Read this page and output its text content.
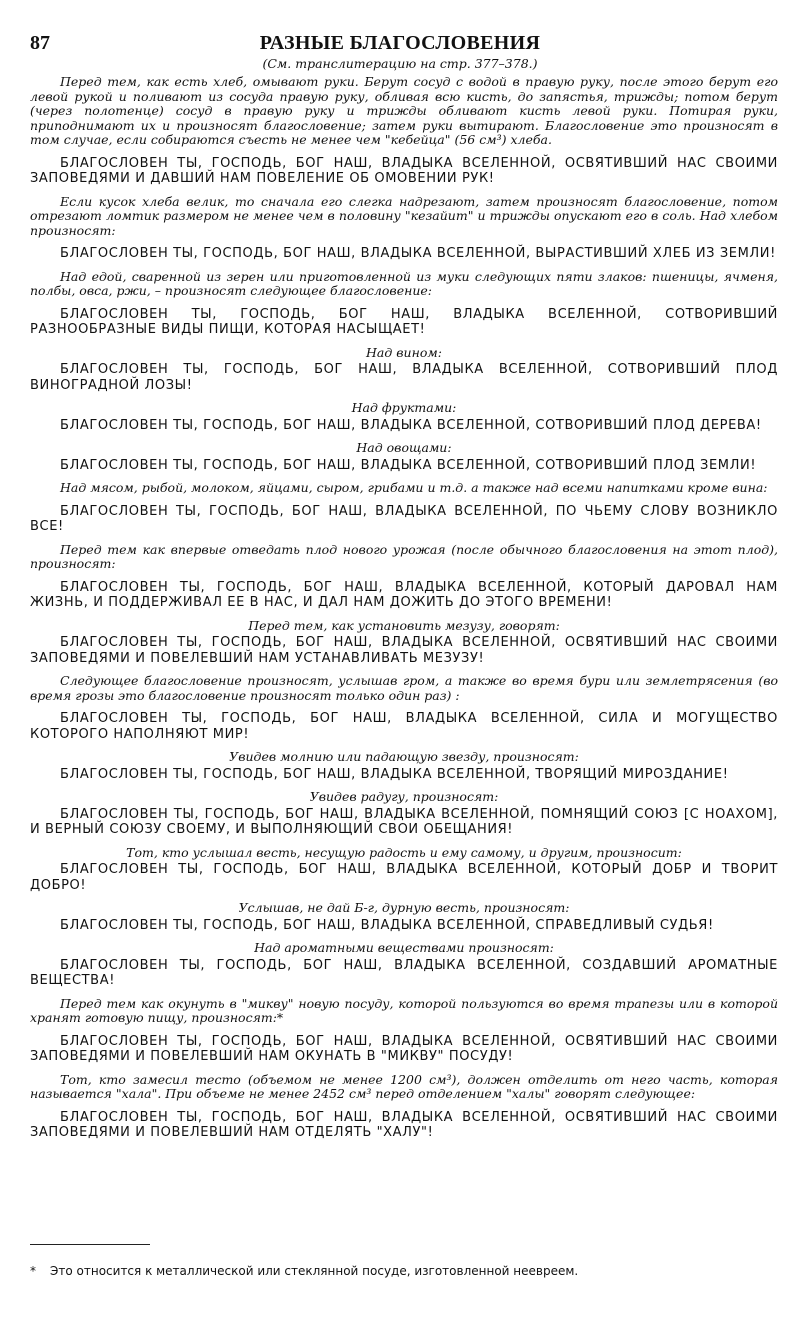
87	РАЗНЫЕ БЛАГОСЛОВЕНИЯ
(См. транслитерацию на стр. 377–378.)

Перед тем, как есть хлеб, омывают руки. Берут сосуд с водой в правую руку, после этого берут его левой рукой и поливают из сосуда правую руку, обливая всю кисть, до запястья, трижды; потом берут (через полотенце) сосуд в правую руку и трижды обливают кисть левой руки. Потирая руки, приподнимают их и произносят благословение; затем руки вытирают. Благословение это произносят в том случае, если собираются съесть не менее чем "кебейца" (56 см³) хлеба.

БЛАГОСЛОВЕН ТЫ, ГОСПОДЬ, БОГ НАШ, ВЛАДЫКА ВСЕЛЕННОЙ, ОСВЯТИВШИЙ НАС СВОИМИ ЗАПОВЕДЯМИ И ДАВШИЙ НАМ ПОВЕЛЕНИЕ ОБ ОМОВЕНИИ РУК!

Если кусок хлеба велик, то сначала его слегка надрезают, затем произносят благословение, потом отрезают ломтик размером не менее чем в половину "кезайит" и трижды опускают его в соль. Над хлебом произносят:

БЛАГОСЛОВЕН ТЫ, ГОСПОДЬ, БОГ НАШ, ВЛАДЫКА ВСЕЛЕННОЙ, ВЫРАСТИВШИЙ ХЛЕБ ИЗ ЗЕМЛИ!

Над едой, сваренной из зерен или приготовленной из муки следующих пяти злаков: пшеницы, ячменя, полбы, овса, ржи, – произносят следующее благословение:

БЛАГОСЛОВЕН ТЫ, ГОСПОДЬ, БОГ НАШ, ВЛАДЫКА ВСЕЛЕННОЙ, СОТВОРИВШИЙ РАЗНООБРАЗНЫЕ ВИДЫ ПИЩИ, КОТОРАЯ НАСЫЩАЕТ!

Над вином:

БЛАГОСЛОВЕН ТЫ, ГОСПОДЬ, БОГ НАШ, ВЛАДЫКА ВСЕЛЕННОЙ, СОТВОРИВШИЙ ПЛОД ВИНОГРАДНОЙ ЛОЗЫ!

Над фруктами:

БЛАГОСЛОВЕН ТЫ, ГОСПОДЬ, БОГ НАШ, ВЛАДЫКА ВСЕЛЕННОЙ, СОТВОРИВШИЙ ПЛОД ДЕРЕВА!

Над овощами:

БЛАГОСЛОВЕН ТЫ, ГОСПОДЬ, БОГ НАШ, ВЛАДЫКА ВСЕЛЕННОЙ, СОТВОРИВШИЙ ПЛОД ЗЕМЛИ!

Над мясом, рыбой, молоком, яйцами, сыром, грибами и т.д. а также над всеми напитками кроме вина:

БЛАГОСЛОВЕН ТЫ, ГОСПОДЬ, БОГ НАШ, ВЛАДЫКА ВСЕЛЕННОЙ, ПО ЧЬЕМУ СЛОВУ ВОЗНИКЛО ВСЕ!

Перед тем как впервые отведать плод нового урожая (после обычного благословения на этот плод), произносят:

БЛАГОСЛОВЕН ТЫ, ГОСПОДЬ, БОГ НАШ, ВЛАДЫКА ВСЕЛЕННОЙ, КОТОРЫЙ ДАРОВАЛ НАМ ЖИЗНЬ, И ПОДДЕРЖИВАЛ ЕЕ В НАС, И ДАЛ НАМ ДОЖИТЬ ДО ЭТОГО ВРЕМЕНИ!

Перед тем, как установить мезузу, говорят:

БЛАГОСЛОВЕН ТЫ, ГОСПОДЬ, БОГ НАШ, ВЛАДЫКА ВСЕЛЕННОЙ, ОСВЯТИВШИЙ НАС СВОИМИ ЗАПОВЕДЯМИ И ПОВЕЛЕВШИЙ НАМ УСТАНАВЛИВАТЬ МЕЗУЗУ!

Следующее благословение произносят, услышав гром, а также во время бури или землетрясения (во время грозы это благословение произносят только один раз) :

БЛАГОСЛОВЕН ТЫ, ГОСПОДЬ, БОГ НАШ, ВЛАДЫКА ВСЕЛЕННОЙ, СИЛА И МОГУЩЕСТВО КОТОРОГО НАПОЛНЯЮТ МИР!

Увидев молнию или падающую звезду, произносят:

БЛАГОСЛОВЕН ТЫ, ГОСПОДЬ, БОГ НАШ, ВЛАДЫКА ВСЕЛЕННОЙ, ТВОРЯЩИЙ МИРОЗДАНИЕ!

Увидев радугу, произносят:

БЛАГОСЛОВЕН ТЫ, ГОСПОДЬ, БОГ НАШ, ВЛАДЫКА ВСЕЛЕННОЙ, ПОМНЯЩИЙ СОЮЗ [С НОАХОМ], И ВЕРНЫЙ СОЮЗУ СВОЕМУ, И ВЫПОЛНЯЮЩИЙ СВОИ ОБЕЩАНИЯ!

Тот, кто услышал весть, несущую радость и ему самому, и другим, произносит:

БЛАГОСЛОВЕН ТЫ, ГОСПОДЬ, БОГ НАШ, ВЛАДЫКА ВСЕЛЕННОЙ, КОТОРЫЙ ДОБР И ТВОРИТ ДОБРО!

Услышав, не дай Б-г, дурную весть, произносят:

БЛАГОСЛОВЕН ТЫ, ГОСПОДЬ, БОГ НАШ, ВЛАДЫКА ВСЕЛЕННОЙ, СПРАВЕДЛИВЫЙ СУДЬЯ!

Над ароматными веществами произносят:

БЛАГОСЛОВЕН ТЫ, ГОСПОДЬ, БОГ НАШ, ВЛАДЫКА ВСЕЛЕННОЙ, СОЗДАВШИЙ АРОМАТНЫЕ ВЕЩЕСТВА!

Перед тем как окунуть в "микву" новую посуду, которой пользуются во время трапезы или в которой хранят готовую пищу, произносят:*

БЛАГОСЛОВЕН ТЫ, ГОСПОДЬ, БОГ НАШ, ВЛАДЫКА ВСЕЛЕННОЙ, ОСВЯТИВШИЙ НАС СВОИМИ ЗАПОВЕДЯМИ И ПОВЕЛЕВШИЙ НАМ ОКУНАТЬ В "МИКВУ" ПОСУДУ!

Тот, кто замесил тесто (объемом не менее 1200 см³), должен отделить от него часть, которая называется "хала". При объеме не менее 2452 см³ перед отделением "халы" говорят следующее:

БЛАГОСЛОВЕН ТЫ, ГОСПОДЬ, БОГ НАШ, ВЛАДЫКА ВСЕЛЕННОЙ, ОСВЯТИВШИЙ НАС СВОИМИ ЗАПОВЕДЯМИ И ПОВЕЛЕВШИЙ НАМ ОТДЕЛЯТЬ "ХАЛУ"!

* Это относится к металлической или стеклянной посуде, изготовленной неевреем.
